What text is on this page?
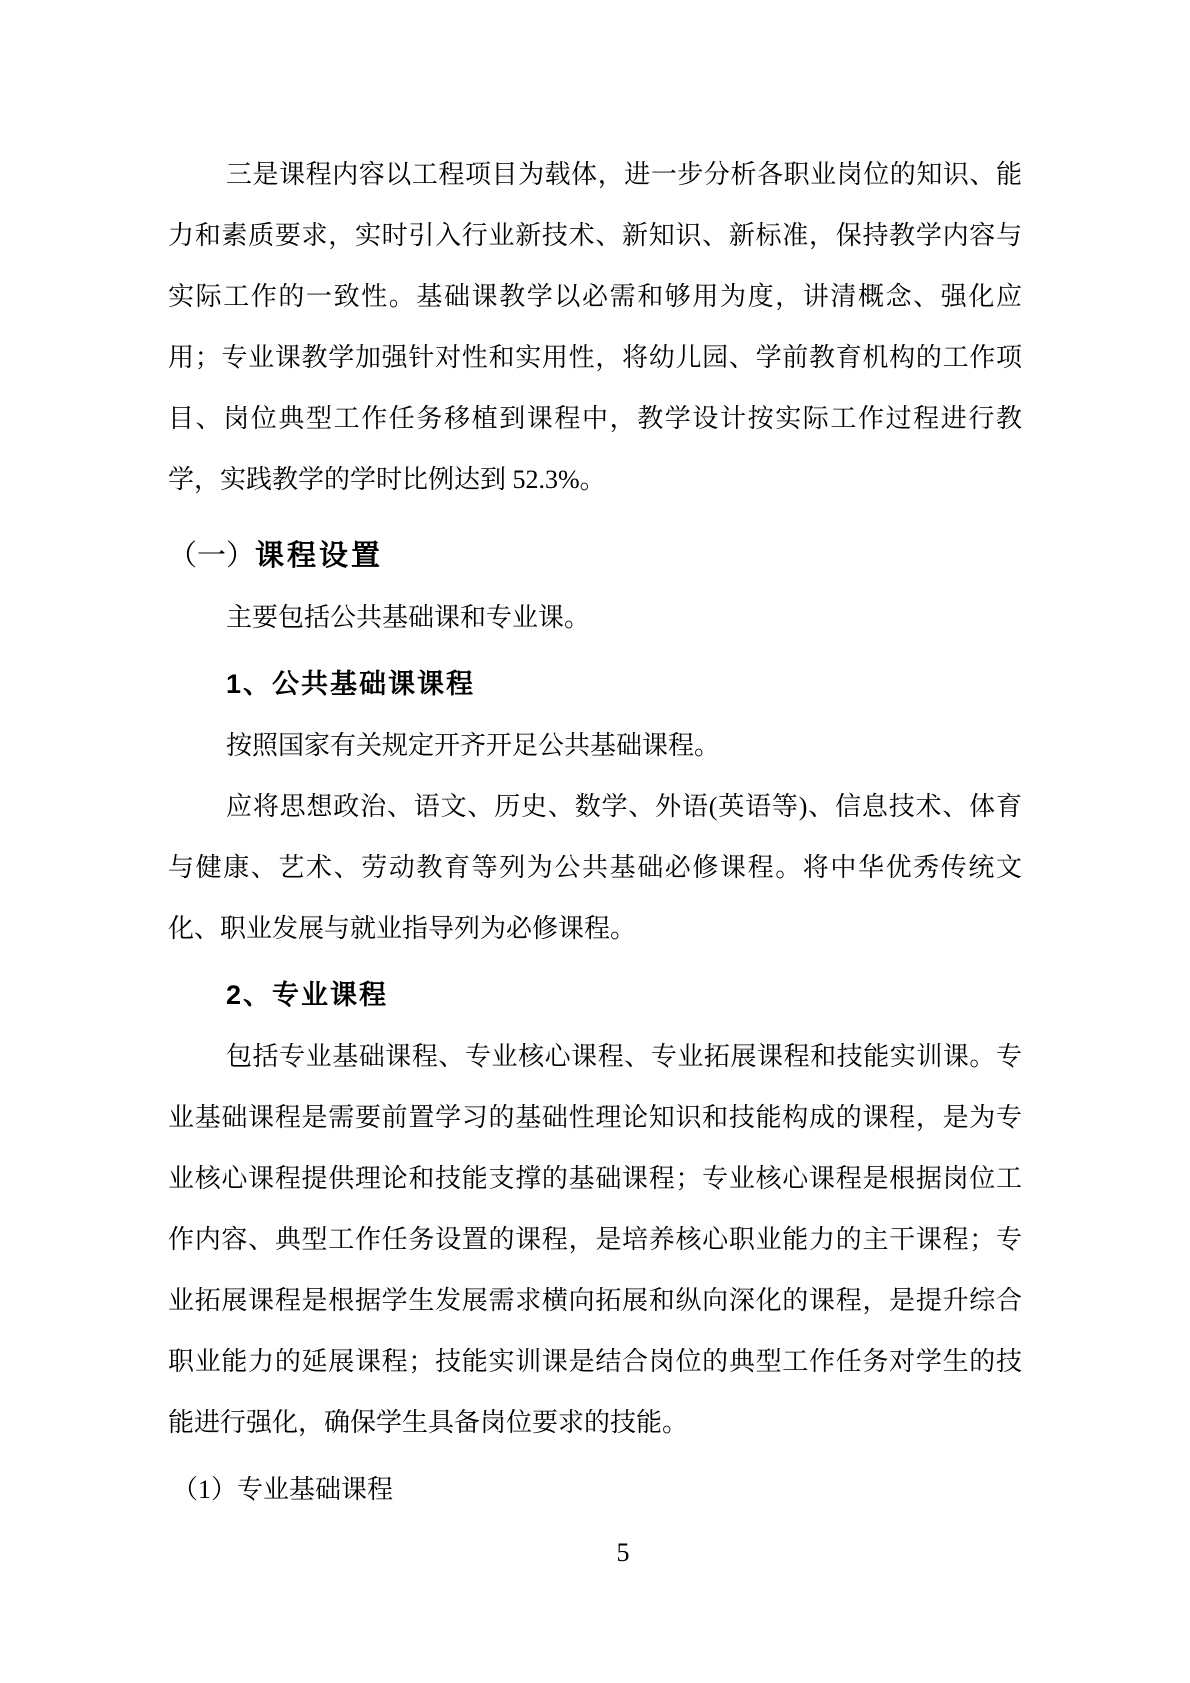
三是课程内容以工程项目为载体，进一步分析各职业岗位的知识、能力和素质要求，实时引入行业新技术、新知识、新标准，保持教学内容与实际工作的一致性。基础课教学以必需和够用为度，讲清概念、强化应用；专业课教学加强针对性和实用性，将幼儿园、学前教育机构的工作项目、岗位典型工作任务移植到课程中，教学设计按实际工作过程进行教学，实践教学的学时比例达到 52.3%。

（一）课程设置

主要包括公共基础课和专业课。

1、公共基础课课程

按照国家有关规定开齐开足公共基础课程。

应将思想政治、语文、历史、数学、外语(英语等)、信息技术、体育与健康、艺术、劳动教育等列为公共基础必修课程。将中华优秀传统文化、职业发展与就业指导列为必修课程。

2、专业课程

包括专业基础课程、专业核心课程、专业拓展课程和技能实训课。专业基础课程是需要前置学习的基础性理论知识和技能构成的课程，是为专业核心课程提供理论和技能支撑的基础课程；专业核心课程是根据岗位工作内容、典型工作任务设置的课程，是培养核心职业能力的主干课程；专业拓展课程是根据学生发展需求横向拓展和纵向深化的课程，是提升综合职业能力的延展课程；技能实训课是结合岗位的典型工作任务对学生的技能进行强化，确保学生具备岗位要求的技能。

（1）专业基础课程

5
